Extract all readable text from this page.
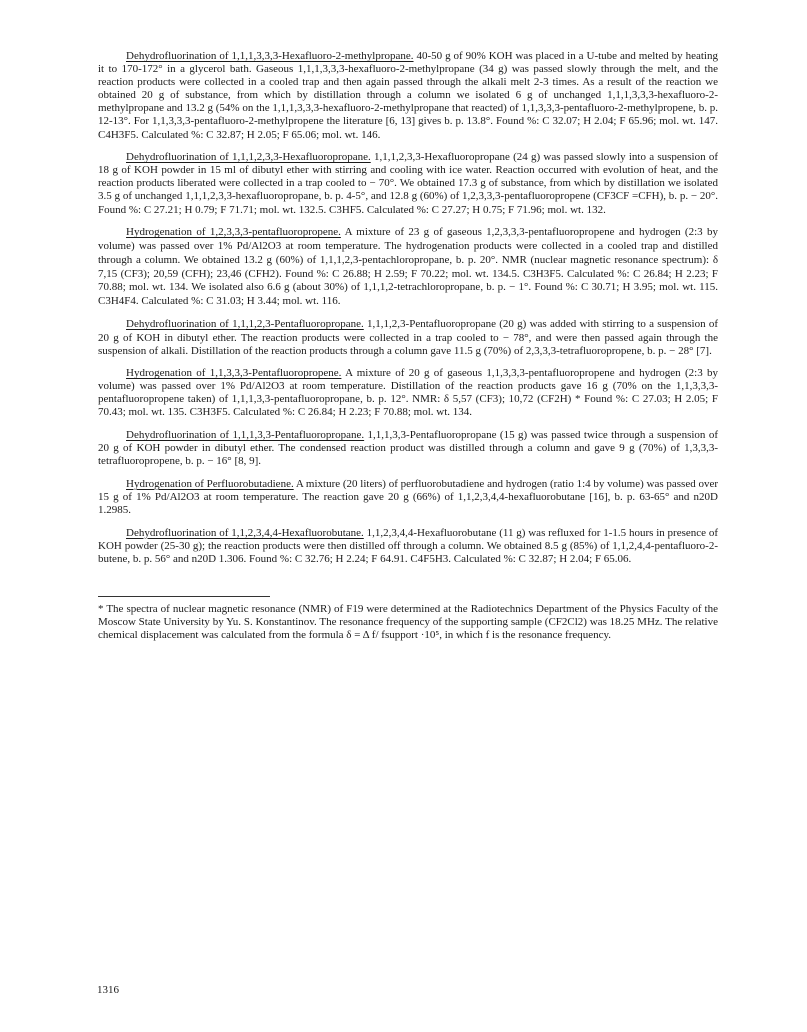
Dehydrofluorination of 1,1,1,3,3,3-Hexafluoro-2-methylpropane. 40-50 g of 90% KOH was placed in a U-tube and melted by heating it to 170-172° in a glycerol bath. Gaseous 1,1,1,3,3,3-hexafluoro-2-methylpropane (34 g) was passed slowly through the melt, and the reaction products were collected in a cooled trap and then again passed through the alkali melt 2-3 times. As a result of the reaction we obtained 20 g of substance, from which by distillation through a column we isolated 6 g of unchanged 1,1,1,3,3,3-hexafluoro-2-methylpropane and 13.2 g (54% on the 1,1,1,3,3,3-hexafluoro-2-methylpropane that reacted) of 1,1,3,3,3-pentafluoro-2-methylpropene, b. p. 12-13°. For 1,1,3,3,3-pentafluoro-2-methylpropene the literature [6, 13] gives b. p. 13.8°. Found %: C 32.07; H 2.04; F 65.96; mol. wt. 147. C4H3F5. Calculated %: C 32.87; H 2.05; F 65.06; mol. wt. 146.

Dehydrofluorination of 1,1,1,2,3,3-Hexafluoropropane. 1,1,1,2,3,3-Hexafluoropropane (24 g) was passed slowly into a suspension of 18 g of KOH powder in 15 ml of dibutyl ether with stirring and cooling with ice water. Reaction occurred with evolution of heat, and the reaction products liberated were collected in a trap cooled to − 70°. We obtained 17.3 g of substance, from which by distillation we isolated 3.5 g of unchanged 1,1,1,2,3,3-hexafluoropropane, b. p. 4-5°, and 12.8 g (60%) of 1,2,3,3,3-pentafluoropropene (CF3CF =CFH), b. p. − 20°. Found %: C 27.21; H 0.79; F 71.71; mol. wt. 132.5. C3HF5. Calculated %: C 27.27; H 0.75; F 71.96; mol. wt. 132.

Hydrogenation of 1,2,3,3,3-pentafluoropropene. A mixture of 23 g of gaseous 1,2,3,3,3-pentafluoropropene and hydrogen (2:3 by volume) was passed over 1% Pd/Al2O3 at room temperature. The hydrogenation products were collected in a cooled trap and distilled through a column. We obtained 13.2 g (60%) of 1,1,1,2,3-pentachloropropane, b. p. 20°. NMR (nuclear magnetic resonance spectrum): δ 7,15 (CF3); 20,59 (CFH); 23,46 (CFH2). Found %: C 26.88; H 2.59; F 70.22; mol. wt. 134.5. C3H3F5. Calculated %: C 26.84; H 2.23; F 70.88; mol. wt. 134. We isolated also 6.6 g (about 30%) of 1,1,1,2-tetrachloropropane, b. p. − 1°. Found %: C 30.71; H 3.95; mol. wt. 115. C3H4F4. Calculated %: C 31.03; H 3.44; mol. wt. 116.

Dehydrofluorination of 1,1,1,2,3-Pentafluoropropane. 1,1,1,2,3-Pentafluoropropane (20 g) was added with stirring to a suspension of 20 g of KOH in dibutyl ether. The reaction products were collected in a trap cooled to − 78°, and were then passed again through the suspension of alkali. Distillation of the reaction products through a column gave 11.5 g (70%) of 2,3,3,3-tetrafluoropropene, b. p. − 28° [7].

Hydrogenation of 1,1,3,3,3-Pentafluoropropene. A mixture of 20 g of gaseous 1,1,3,3,3-pentafluoropropene and hydrogen (2:3 by volume) was passed over 1% Pd/Al2O3 at room temperature. Distillation of the reaction products gave 16 g (70% on the 1,1,3,3,3-pentafluoropropene taken) of 1,1,1,3,3-pentafluoropropane, b. p. 12°. NMR: δ 5,57 (CF3); 10,72 (CF2H) * Found %: C 27.03; H 2.05; F 70.43; mol. wt. 135. C3H3F5. Calculated %: C 26.84; H 2.23; F 70.88; mol. wt. 134.

Dehydrofluorination of 1,1,1,3,3-Pentafluoropropane. 1,1,1,3,3-Pentafluoropropane (15 g) was passed twice through a suspension of 20 g of KOH powder in dibutyl ether. The condensed reaction product was distilled through a column and gave 9 g (70%) of 1,3,3,3-tetrafluoropropene, b. p. − 16° [8, 9].

Hydrogenation of Perfluorobutadiene. A mixture (20 liters) of perfluorobutadiene and hydrogen (ratio 1:4 by volume) was passed over 15 g of 1% Pd/Al2O3 at room temperature. The reaction gave 20 g (66%) of 1,1,2,3,4,4-hexafluorobutane [16], b. p. 63-65° and n20D 1.2985.

Dehydrofluorination of 1,1,2,3,4,4-Hexafluorobutane. 1,1,2,3,4,4-Hexafluorobutane (11 g) was refluxed for 1-1.5 hours in presence of KOH powder (25-30 g); the reaction products were then distilled off through a column. We obtained 8.5 g (85%) of 1,1,2,4,4-pentafluoro-2-butene, b. p. 56° and n20D 1.306. Found %: C 32.76; H 2.24; F 64.91. C4F5H3. Calculated %: C 32.87; H 2.04; F 65.06.

* The spectra of nuclear magnetic resonance (NMR) of F19 were determined at the Radiotechnics Department of the Physics Faculty of the Moscow State University by Yu. S. Konstantinov. The resonance frequency of the supporting sample (CF2Cl2) was 18.25 MHz. The relative chemical displacement was calculated from the formula δ = Δ f/ fsupport ·10⁵, in which f is the resonance frequency.

1316
